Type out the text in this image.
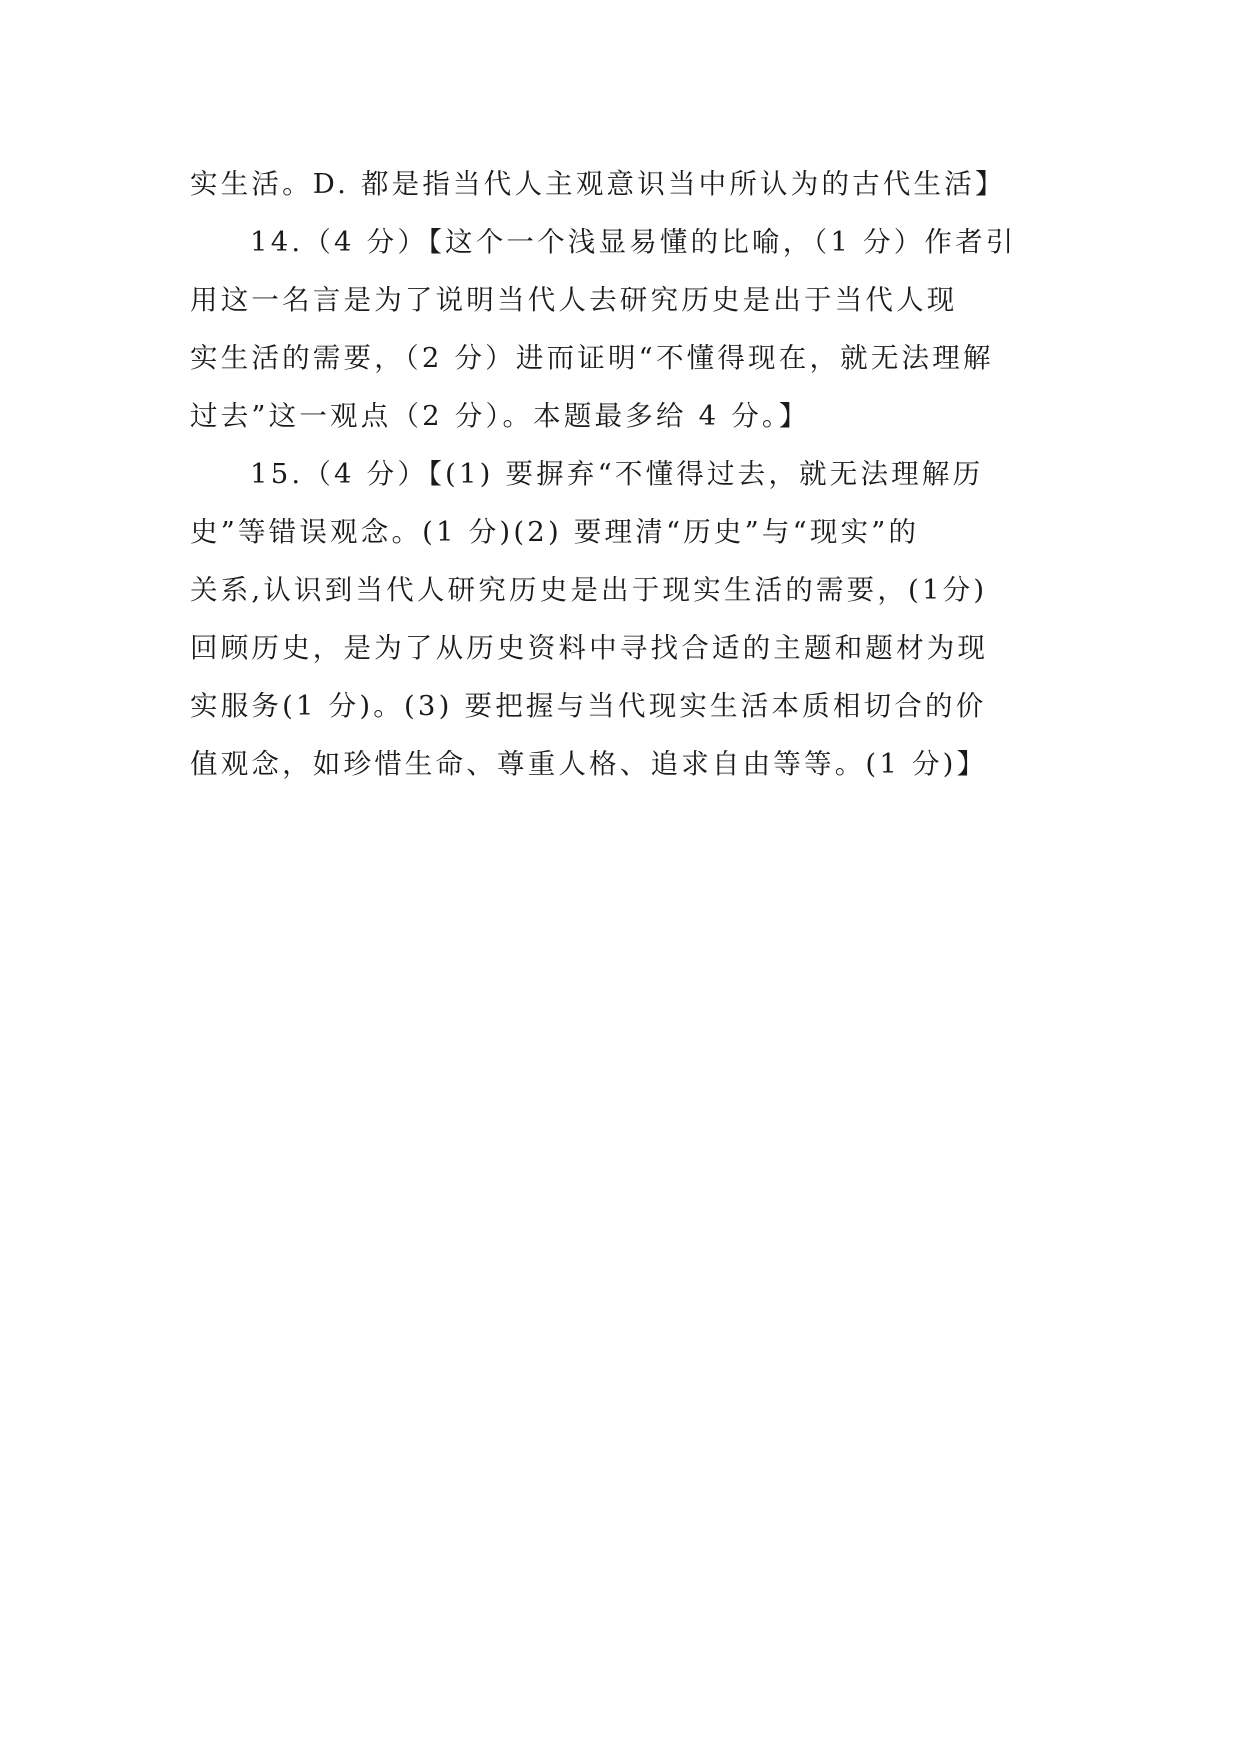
实生活。D. 都是指当代人主观意识当中所认为的古代生活】
14.（4 分）【这个一个浅显易懂的比喻，（1 分）作者引
用这一名言是为了说明当代人去研究历史是出于当代人现
实生活的需要，（2 分）进而证明“不懂得现在，就无法理解
过去”这一观点（2 分）。本题最多给 4 分。】
15.（4 分）【(1) 要摒弃“不懂得过去，就无法理解历
史”等错误观念。(1 分)(2) 要理清“历史”与“现实”的
关系,认识到当代人研究历史是出于现实生活的需要，(1分)
回顾历史，是为了从历史资料中寻找合适的主题和题材为现
实服务(1 分)。(3) 要把握与当代现实生活本质相切合的价
值观念，如珍惜生命、尊重人格、追求自由等等。(1 分)】
